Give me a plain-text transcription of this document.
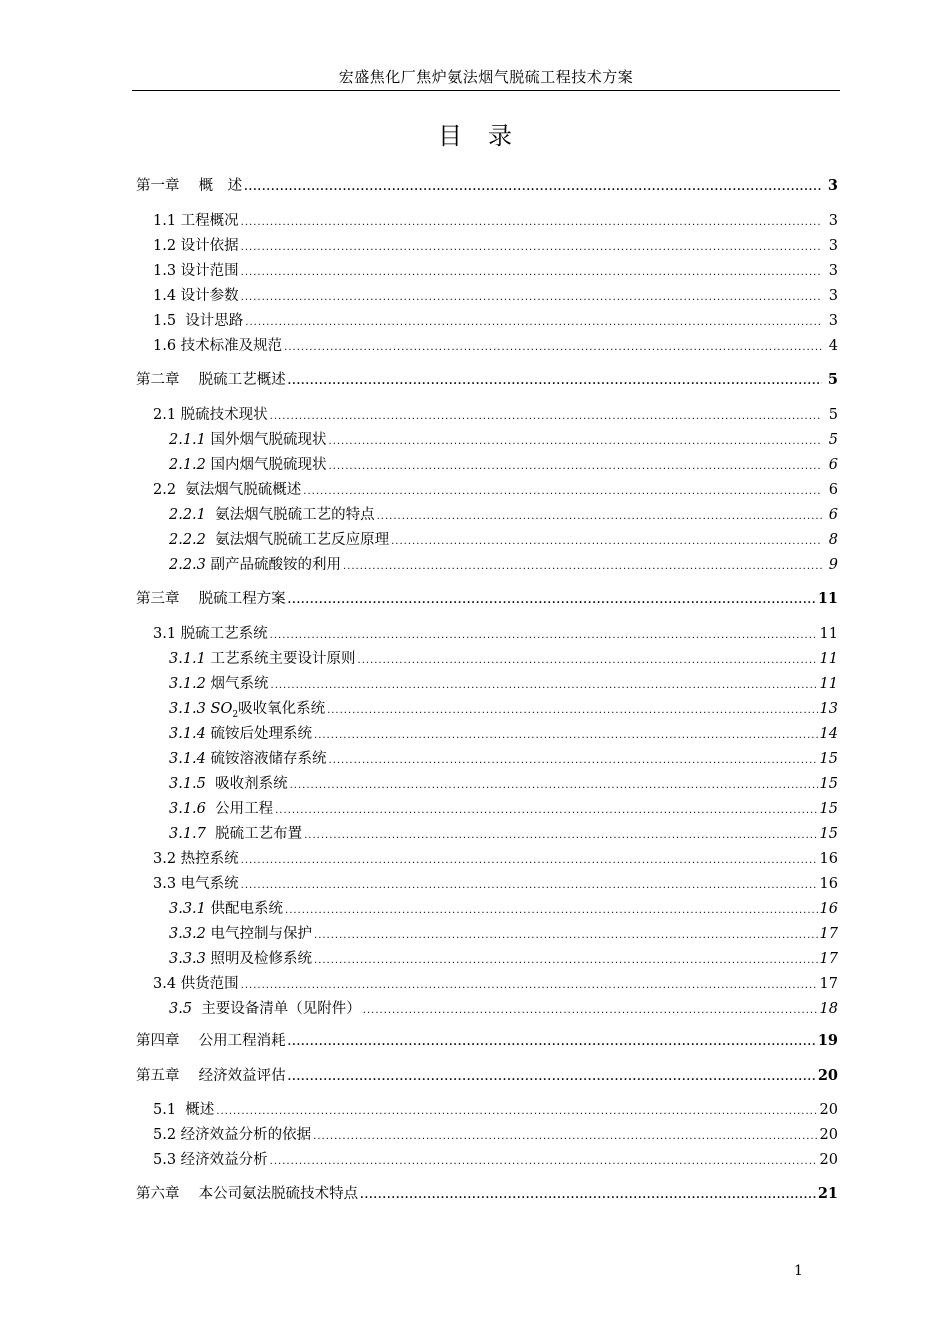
宏盛焦化厂焦炉氨法烟气脱硫工程技术方案
目录
第一章　 概　述 .....	3
1.1 工程概况 .....	3
1.2 设计依据 .....	3
1.3 设计范围 .....	3
1.4 设计参数 .....	3
1.5  设计思路 .....	3
1.6 技术标准及规范 .....	4
第二章　 脱硫工艺概述 .....	5
2.1 脱硫技术现状 .....	5
2.1.1 国外烟气脱硫现状 .....	5
2.1.2 国内烟气脱硫现状 .....	6
2.2  氨法烟气脱硫概述 .....	6
2.2.1  氨法烟气脱硫工艺的特点 .....	6
2.2.2  氨法烟气脱硫工艺反应原理 .....	8
2.2.3 副产品硫酸铵的利用 .....	9
第三章　 脱硫工程方案 .....	11
3.1 脱硫工艺系统 .....	11
3.1.1 工艺系统主要设计原则 .....	11
3.1.2 烟气系统 .....	11
3.1.3 $SO_2$吸收氧化系统 .....	13
3.1.4 硫铵后处理系统 .....	14
3.1.4 硫铵溶液储存系统 .....	15
3.1.5  吸收剂系统 .....	15
3.1.6  公用工程 .....	15
3.1.7  脱硫工艺布置 .....	15
3.2 热控系统 .....	16
3.3 电气系统 .....	16
3.3.1 供配电系统 .....	16
3.3.2 电气控制与保护 .....	17
3.3.3 照明及检修系统 .....	17
3.4 供货范围 .....	17
3.5  主要设备清单（见附件） .....	18
第四章　 公用工程消耗 .....	19
第五章　 经济效益评估 .....	20
5.1  概述 .....	20
5.2 经济效益分析的依据 .....	20
5.3 经济效益分析 .....	20
第六章　 本公司氨法脱硫技术特点 .....	21
1
